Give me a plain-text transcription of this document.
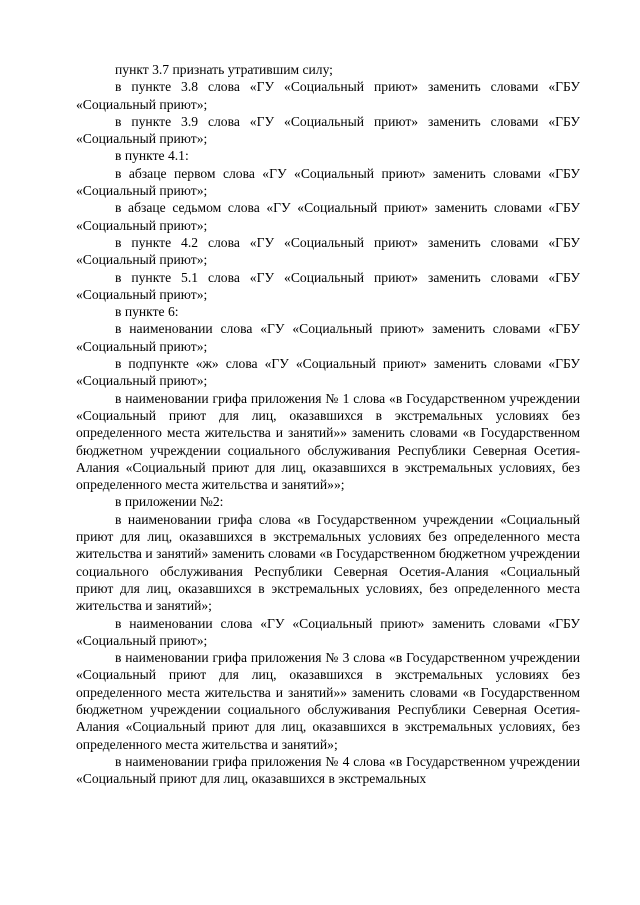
пункт 3.7 признать утратившим силу;

в пункте 3.8 слова «ГУ «Социальный приют» заменить словами «ГБУ «Социальный приют»;

в пункте 3.9 слова «ГУ «Социальный приют» заменить словами «ГБУ «Социальный приют»;

в пункте 4.1:

в абзаце первом слова «ГУ «Социальный приют» заменить словами «ГБУ «Социальный приют»;

в абзаце седьмом слова «ГУ «Социальный приют» заменить словами «ГБУ «Социальный приют»;

в пункте 4.2 слова «ГУ «Социальный приют» заменить словами «ГБУ «Социальный приют»;

в пункте 5.1 слова «ГУ «Социальный приют» заменить словами «ГБУ «Социальный приют»;

в пункте 6:

в наименовании слова «ГУ «Социальный приют» заменить словами «ГБУ «Социальный приют»;

в подпункте «ж» слова «ГУ «Социальный приют» заменить словами «ГБУ «Социальный приют»;

в наименовании грифа приложения № 1 слова «в Государственном учреждении «Социальный приют для лиц, оказавшихся в экстремальных условиях без определенного места жительства и занятий»» заменить словами «в Государственном бюджетном учреждении социального обслуживания Республики Северная Осетия-Алания «Социальный приют для лиц, оказавшихся в экстремальных условиях, без определенного места жительства и занятий»»;

в приложении №2:

в наименовании грифа слова «в Государственном учреждении «Социальный приют для лиц, оказавшихся в экстремальных условиях без определенного места жительства и занятий» заменить словами «в Государственном бюджетном учреждении социального обслуживания Республики Северная Осетия-Алания «Социальный приют для лиц, оказавшихся в экстремальных условиях, без определенного места жительства и занятий»;

в наименовании слова «ГУ «Социальный приют» заменить словами «ГБУ «Социальный приют»;

в наименовании грифа приложения № 3 слова «в Государственном учреждении «Социальный приют для лиц, оказавшихся в экстремальных условиях без определенного места жительства и занятий»» заменить словами «в Государственном бюджетном учреждении социального обслуживания Республики Северная Осетия-Алания «Социальный приют для лиц, оказавшихся в экстремальных условиях, без определенного места жительства и занятий»;

в наименовании грифа приложения № 4 слова «в Государственном учреждении «Социальный приют для лиц, оказавшихся в экстремальных
